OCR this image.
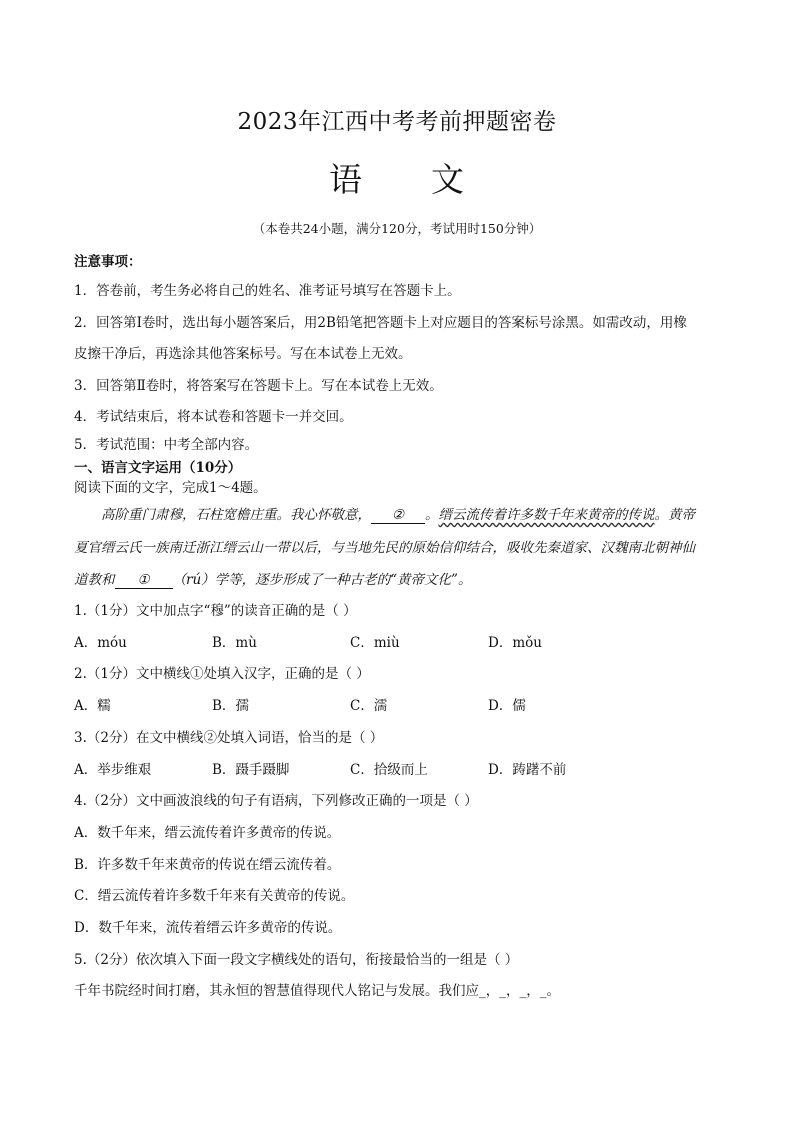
2023年江西中考考前押题密卷
语 文
（本卷共24小题，满分120分，考试用时150分钟）
注意事项：
1．答卷前，考生务必将自己的姓名、准考证号填写在答题卡上。
2．回答第Ⅰ卷时，选出每小题答案后，用2B铅笔把答题卡上对应题目的答案标号涂黑。如需改动，用橡
皮擦干净后，再选涂其他答案标号。写在本试卷上无效。
3．回答第Ⅱ卷时，将答案写在答题卡上。写在本试卷上无效。
4．考试结束后，将本试卷和答题卡一并交回。
5．考试范围：中考全部内容。
一、语言文字运用（10分）
阅读下面的文字，完成1～4题。
高阶重门肃穆，石柱宽檐庄重。我心怀敬意， ② 。缙云流传着许多数千年来黄帝的传说。黄帝
夏官缙云氏一族南迁浙江缙云山一带以后，与当地先民的原始信仰结合，吸收先秦道家、汉魏南北朝神仙
道教和 ① （rú）学等，逐步形成了一种古老的“黄帝文化”。
1.（1分）文中加点字“穆”的读音正确的是（ ）
A．móu	B．mù	C．miù	D．mǒu
2.（1分）文中横线①处填入汉字，正确的是（ ）
A．糯	B．孺	C．濡	D．儒
3.（2分）在文中横线②处填入词语，恰当的是（ ）
A．举步维艰	B．蹑手蹑脚	C．拾级而上	D．踌躇不前
4.（2分）文中画波浪线的句子有语病，下列修改正确的一项是（ ）
A．数千年来，缙云流传着许多黄帝的传说。
B．许多数千年来黄帝的传说在缙云流传着。
C．缙云流传着许多数千年来有关黄帝的传说。
D．数千年来，流传着缙云许多黄帝的传说。
5.（2分）依次填入下面一段文字横线处的语句，衔接最恰当的一组是（ ）
千年书院经时间打磨，其永恒的智慧值得现代人铭记与发展。我们应_，_，_，_。
